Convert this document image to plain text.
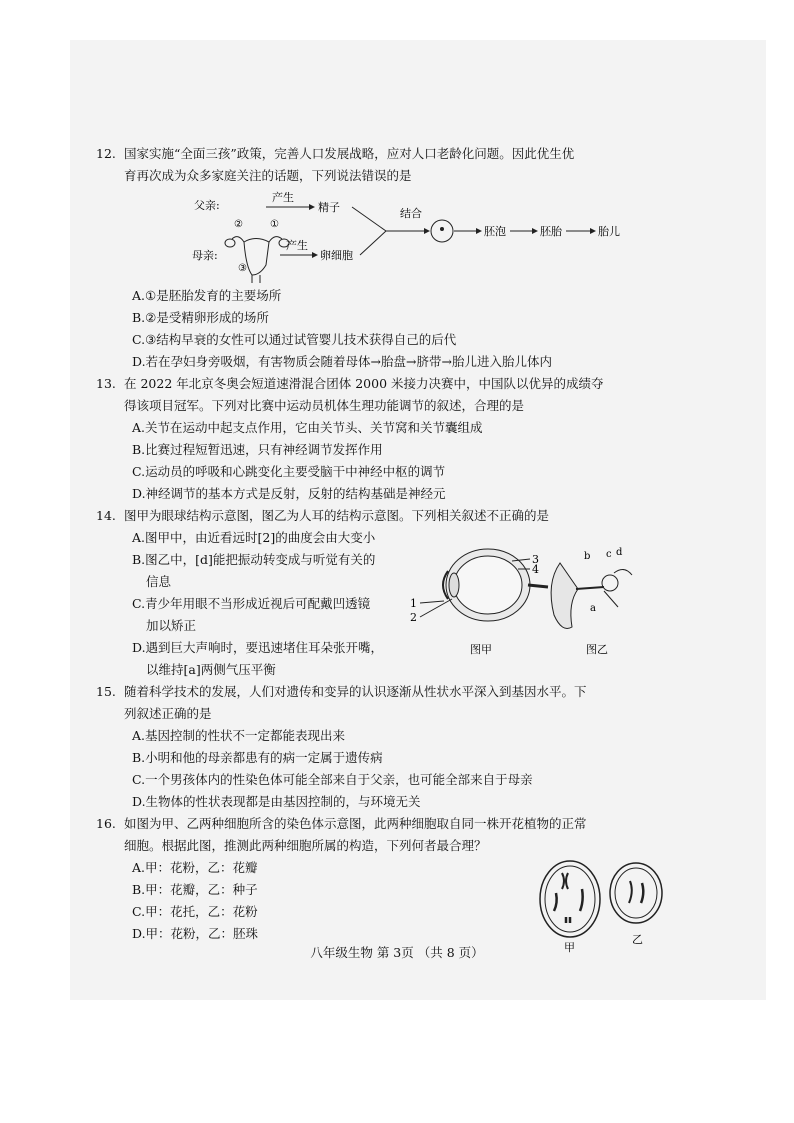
12. 国家实施“全面三孩”政策，完善人口发展战略，应对人口老龄化问题。因此优生优
育再次成为众多家庭关注的话题，下列说法错误的是
父亲:
母亲:
②	①
③
产生
精子
产生
卵细胞
结合
胚泡	胚胎	胎儿
A.①是胚胎发育的主要场所
B.②是受精卵形成的场所
C.③结构早衰的女性可以通过试管婴儿技术获得自己的后代
D.若在孕妇身旁吸烟，有害物质会随着母体→胎盘→脐带→胎儿进入胎儿体内
13. 在 2022 年北京冬奥会短道速滑混合团体 2000 米接力决赛中，中国队以优异的成绩夺
得该项目冠军。下列对比赛中运动员机体生理功能调节的叙述，合理的是
A.关节在运动中起支点作用，它由关节头、关节窝和关节囊组成
B.比赛过程短暂迅速，只有神经调节发挥作用
C.运动员的呼吸和心跳变化主要受脑干中神经中枢的调节
D.神经调节的基本方式是反射，反射的结构基础是神经元
14. 图甲为眼球结构示意图，图乙为人耳的结构示意图。下列相关叙述不正确的是
A.图甲中，由近看远时[2]的曲度会由大变小
B.图乙中，[d]能把振动转变成与听觉有关的
信息
C.青少年用眼不当形成近视后可配戴凹透镜
加以矫正
D.遇到巨大声响时，要迅速堵住耳朵张开嘴，
以维持[a]两侧气压平衡
1
2
3
4
图甲
b c d
a
图乙
15. 随着科学技术的发展，人们对遗传和变异的认识逐渐从性状水平深入到基因水平。下
列叙述正确的是
A.基因控制的性状不一定都能表现出来
B.小明和他的母亲都患有的病一定属于遗传病
C.一个男孩体内的性染色体可能全部来自于父亲，也可能全部来自于母亲
D.生物体的性状表现都是由基因控制的，与环境无关
16. 如图为甲、乙两种细胞所含的染色体示意图，此两种细胞取自同一株开花植物的正常
细胞。根据此图，推测此两种细胞所属的构造，下列何者最合理？
A.甲：花粉，乙：花瓣
B.甲：花瓣，乙：种子
C.甲：花托，乙：花粉
D.甲：花粉，乙：胚珠
甲
乙
八年级生物 第 3页 （共 8 页）
